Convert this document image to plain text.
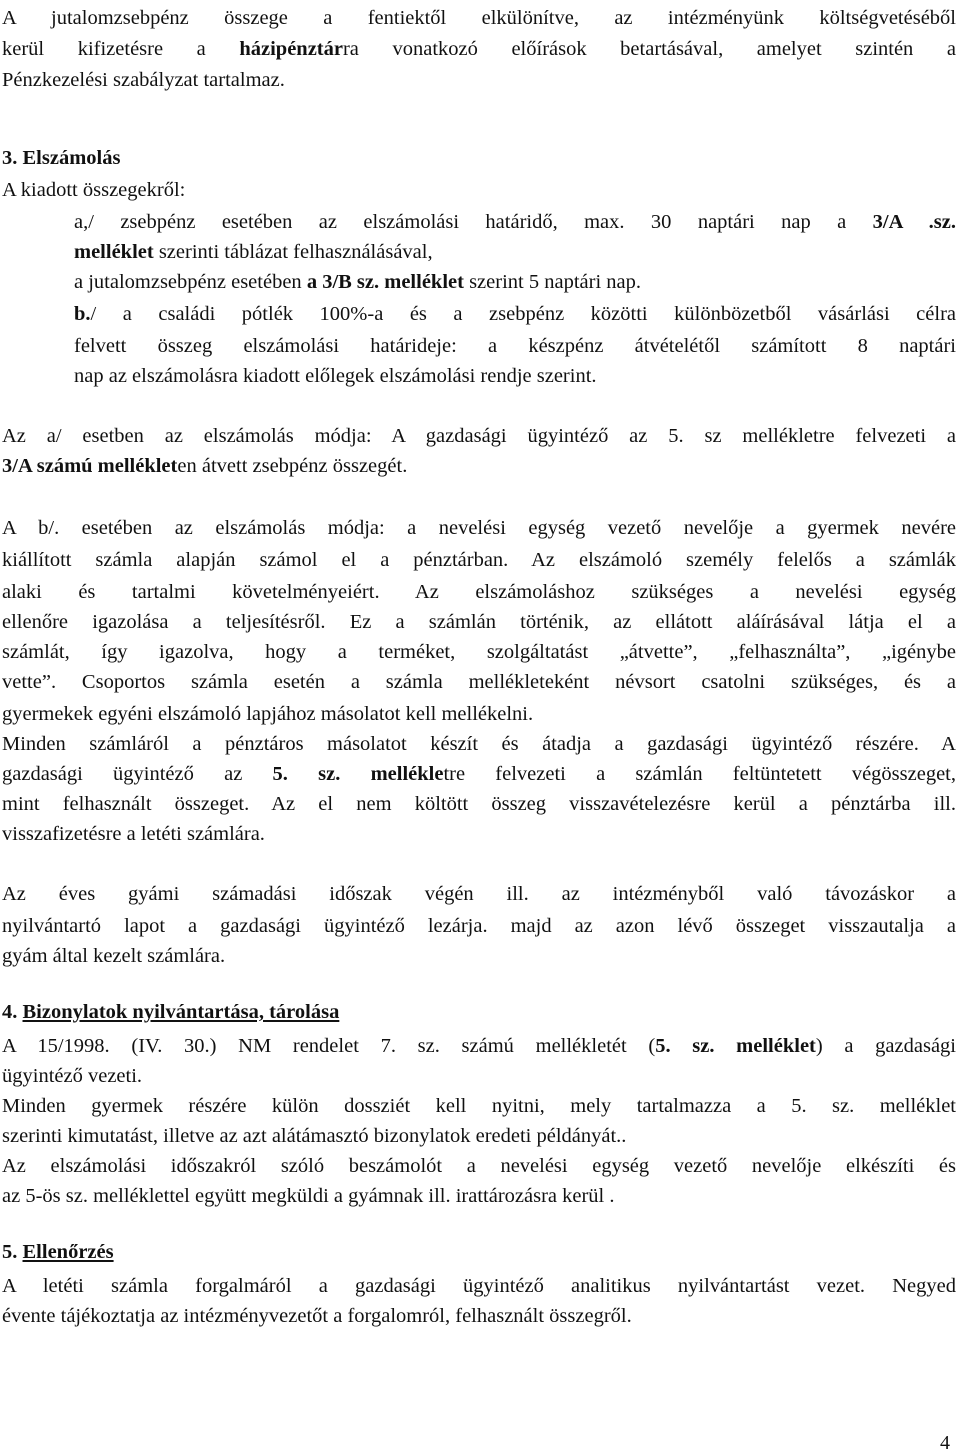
A jutalomzsebpénz összege a fentiektől elkülönítve, az intézményünk költségvetéséből
kerül kifizetésre a házipénztárra vonatkozó előírások betartásával, amelyet szintén a
Pénzkezelési szabályzat tartalmaz.
3. Elszámolás
A kiadott összegekről:
a,/ zsebpénz esetében az elszámolási határidő, max. 30 naptári nap a 3/A .sz.
melléklet szerinti táblázat felhasználásával,
a jutalomzsebpénz esetében a 3/B sz. melléklet szerint 5 naptári nap.
b./ a családi pótlék 100%-a és a zsebpénz közötti különbözetből vásárlási célra
felvett összeg elszámolási határideje: a készpénz átvételétől számított 8 naptári
nap az elszámolásra kiadott előlegek elszámolási rendje szerint.
Az a/ esetben az elszámolás módja: A gazdasági ügyintéző az 5. sz mellékletre felvezeti a
3/A számú mellékleten átvett zsebpénz összegét.
A b/. esetében az elszámolás módja: a nevelési egység vezető nevelője a gyermek nevére
kiállított számla alapján számol el a pénztárban. Az elszámoló személy felelős a számlák
alaki és tartalmi követelményeiért. Az elszámoláshoz szükséges a nevelési egység
ellenőre igazolása a teljesítésről. Ez a számlán történik, az ellátott aláírásával látja el a
számlát, így igazolva, hogy a terméket, szolgáltatást „átvette”, „felhasználta”, „igénybe
vette”. Csoportos számla esetén a számla mellékleteként névsort csatolni szükséges, és a
gyermekek egyéni elszámoló lapjához másolatot kell mellékelni.
Minden számláról a pénztáros másolatot készít és átadja a gazdasági ügyintéző részére. A
gazdasági ügyintéző az 5. sz. mellékletre felvezeti a számlán feltüntetett végösszeget,
mint felhasznált összeget. Az el nem költött összeg visszavételezésre kerül a pénztárba ill.
visszafizetésre a letéti számlára.
Az éves gyámi számadási időszak végén ill. az intézményből való távozáskor a
nyilvántartó lapot a gazdasági ügyintéző lezárja. majd az azon lévő összeget visszautalja a
gyám által kezelt számlára.
4. Bizonylatok nyilvántartása, tárolása
A 15/1998. (IV. 30.) NM rendelet 7. sz. számú mellékletét (5. sz. melléklet) a gazdasági
ügyintéző vezeti.
Minden gyermek részére külön dossziét kell nyitni, mely tartalmazza a 5. sz. melléklet
szerinti kimutatást, illetve az azt alátámasztó bizonylatok eredeti példányát..
Az elszámolási időszakról szóló beszámolót a nevelési egység vezető nevelője elkészíti és
az 5-ös sz. melléklettel együtt megküldi a gyámnak ill. irattározásra kerül .
5. Ellenőrzés
A letéti számla forgalmáról a gazdasági ügyintéző analitikus nyilvántartást vezet. Negyed
évente tájékoztatja az intézményvezetőt a forgalomról, felhasznált összegről.
4
